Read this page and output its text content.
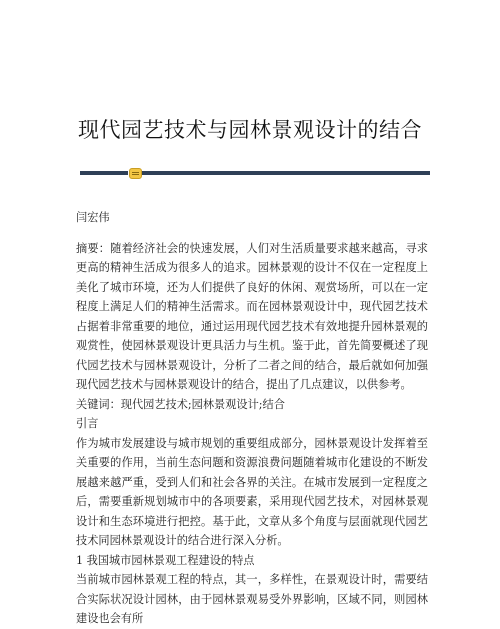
现代园艺技术与园林景观设计的结合

闫宏伟

摘要：随着经济社会的快速发展，人们对生活质量要求越来越高，寻求更高的精神生活成为很多人的追求。园林景观的设计不仅在一定程度上美化了城市环境，还为人们提供了良好的休闲、观赏场所，可以在一定程度上满足人们的精神生活需求。而在园林景观设计中，现代园艺技术占据着非常重要的地位，通过运用现代园艺技术有效地提升园林景观的观赏性，使园林景观设计更具活力与生机。鉴于此，首先简要概述了现代园艺技术与园林景观设计，分析了二者之间的结合，最后就如何加强现代园艺技术与园林景观设计的结合，提出了几点建议，以供参考。

关键词：现代园艺技术;园林景观设计;结合

引言

作为城市发展建设与城市规划的重要组成部分，园林景观设计发挥着至关重要的作用，当前生态问题和资源浪费问题随着城市化建设的不断发展越来越严重，受到人们和社会各界的关注。在城市发展到一定程度之后，需要重新规划城市中的各项要素，采用现代园艺技术，对园林景观设计和生态环境进行把控。基于此，文章从多个角度与层面就现代园艺技术同园林景观设计的结合进行深入分析。

1 我国城市园林景观工程建设的特点

当前城市园林景观工程的特点，其一，多样性，在景观设计时，需要结合实际状况设计园林，由于园林景观易受外界影响，区域不同，则园林建设也会有所
